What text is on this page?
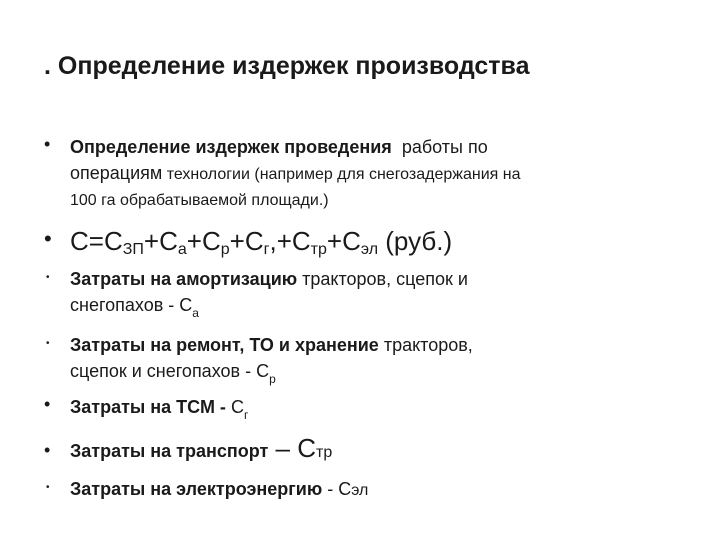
. Определение издержек производства
• Определение издержек проведения  работы по
операциям технологии (например для снегозадержания на
100 га обрабатываемой площади.)
• С=СЗП+Са+Ср+Сг,+Стр+Сэл (руб.)
• Затраты на амортизацию тракторов, сцепок и
снегопахов - $С_а$
• Затраты на ремонт, ТО и хранение тракторов,
сцепок и снегопахов - $С_р$
• Затраты на ТСМ - $С_г$
• Затраты на транспорт – Стр
• Затраты на электроэнергию - Сэл
